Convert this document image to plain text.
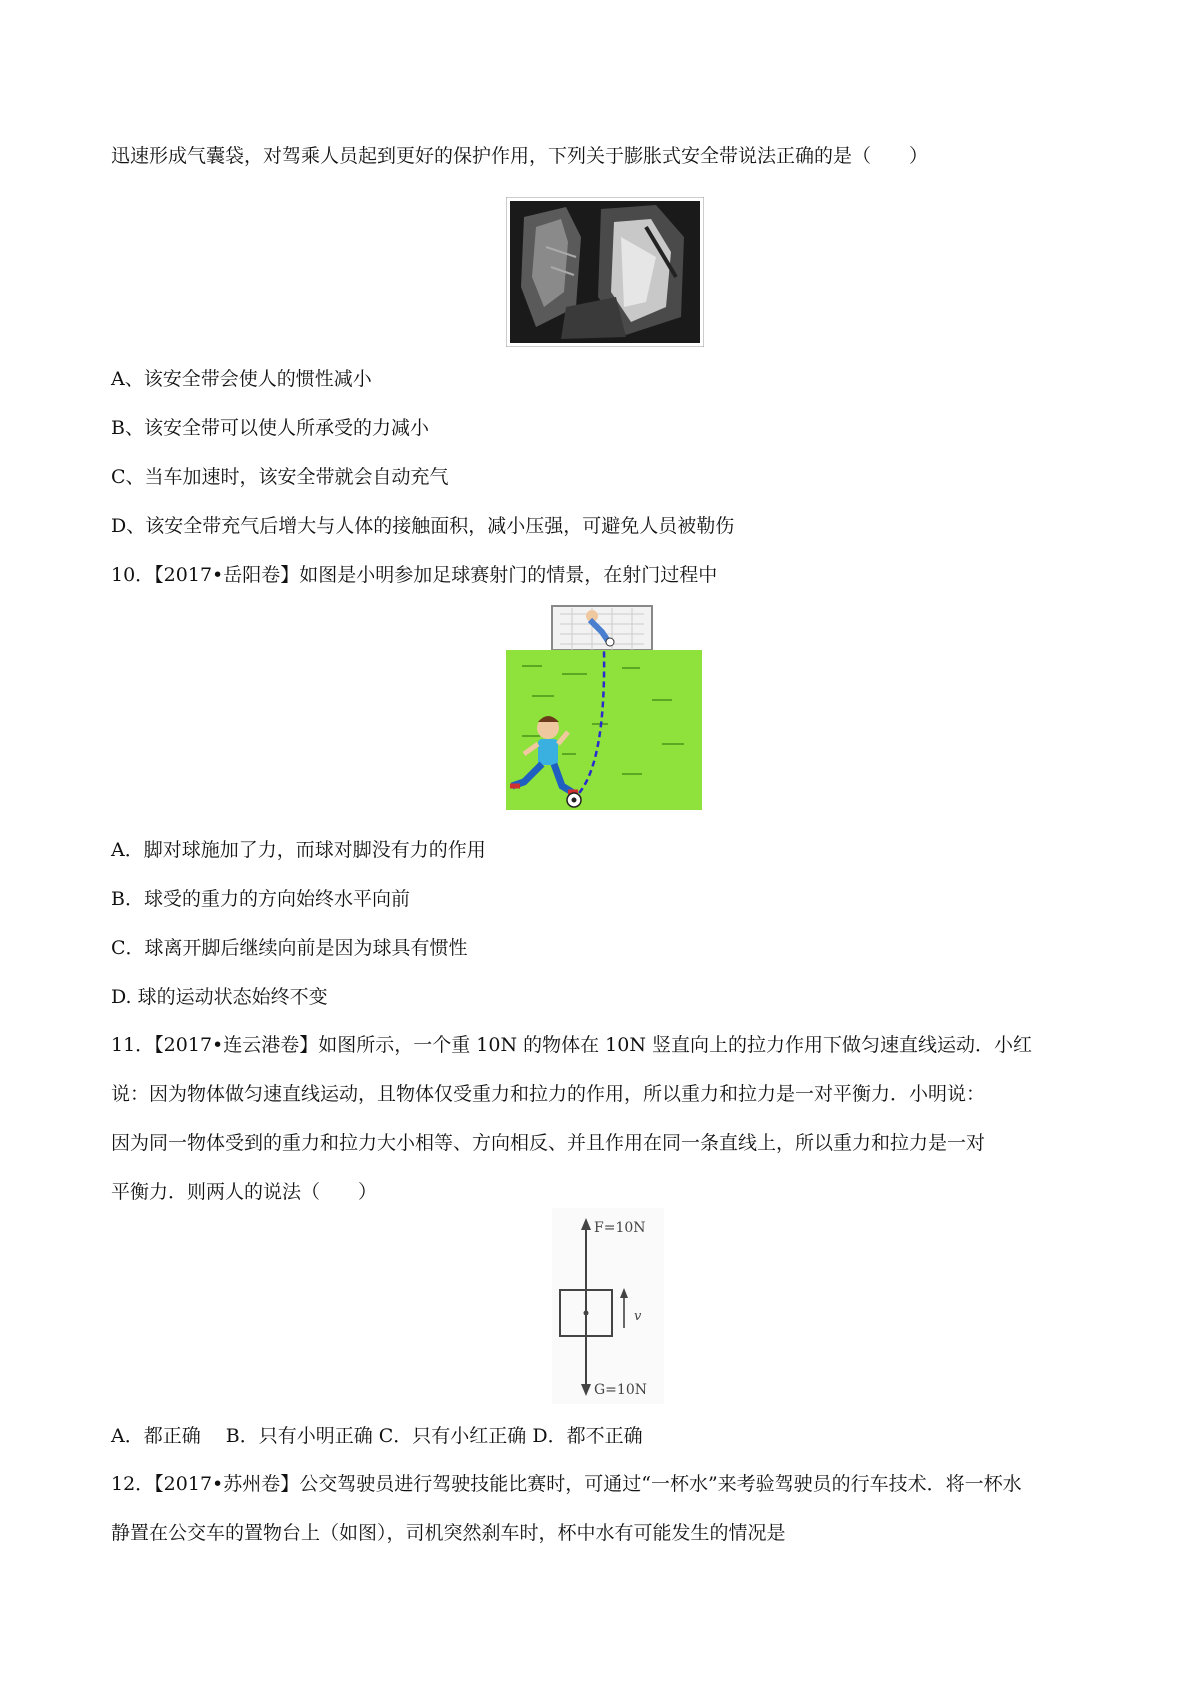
迅速形成气囊袋，对驾乘人员起到更好的保护作用，下列关于膨胀式安全带说法正确的是（　　）
A、该安全带会使人的惯性减小
B、该安全带可以使人所承受的力减小
C、当车加速时，该安全带就会自动充气
D、该安全带充气后增大与人体的接触面积，减小压强，可避免人员被勒伤
10．【2017•岳阳卷】如图是小明参加足球赛射门的情景，在射门过程中
A．脚对球施加了力，而球对脚没有力的作用
B．球受的重力的方向始终水平向前
C．球离开脚后继续向前是因为球具有惯性
D. 球的运动状态始终不变
11．【2017•连云港卷】如图所示，一个重 10N 的物体在 10N 竖直向上的拉力作用下做匀速直线运动．小红
说：因为物体做匀速直线运动，且物体仅受重力和拉力的作用，所以重力和拉力是一对平衡力．小明说：
因为同一物体受到的重力和拉力大小相等、方向相反、并且作用在同一条直线上，所以重力和拉力是一对
平衡力．则两人的说法（　　）
v
F=10N
G=10N
A．都正确　 B．只有小明正确 C．只有小红正确 D．都不正确
12．【2017•苏州卷】公交驾驶员进行驾驶技能比赛时，可通过“一杯水”来考验驾驶员的行车技术．将一杯水
静置在公交车的置物台上（如图），司机突然刹车时，杯中水有可能发生的情况是
